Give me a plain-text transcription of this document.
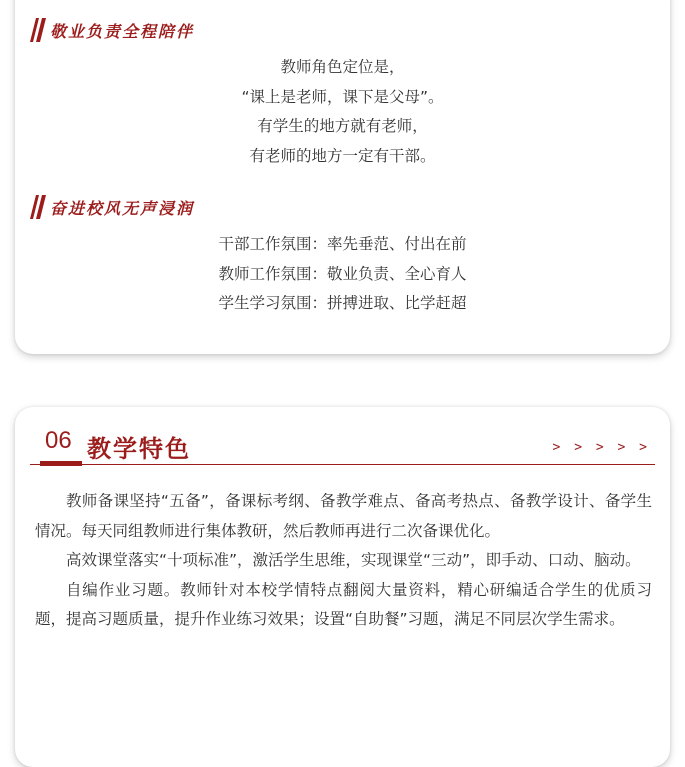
敬业负责全程陪伴

教师角色定位是，

“课上是老师，课下是父母”。

有学生的地方就有老师，

有老师的地方一定有干部。

奋进校风无声浸润

干部工作氛围：率先垂范、付出在前

教师工作氛围：敬业负责、全心育人

学生学习氛围：拼搏进取、比学赶超

06 教学特色	> > > > >

教师备课坚持“五备”，备课标考纲、备教学难点、备高考热点、备教学设计、备学生情况。每天同组教师进行集体教研，然后教师再进行二次备课优化。

高效课堂落实“十项标准”，激活学生思维，实现课堂“三动”，即手动、口动、脑动。

自编作业习题。教师针对本校学情特点翻阅大量资料，精心研编适合学生的优质习题，提高习题质量，提升作业练习效果；设置“自助餐”习题，满足不同层次学生需求。
